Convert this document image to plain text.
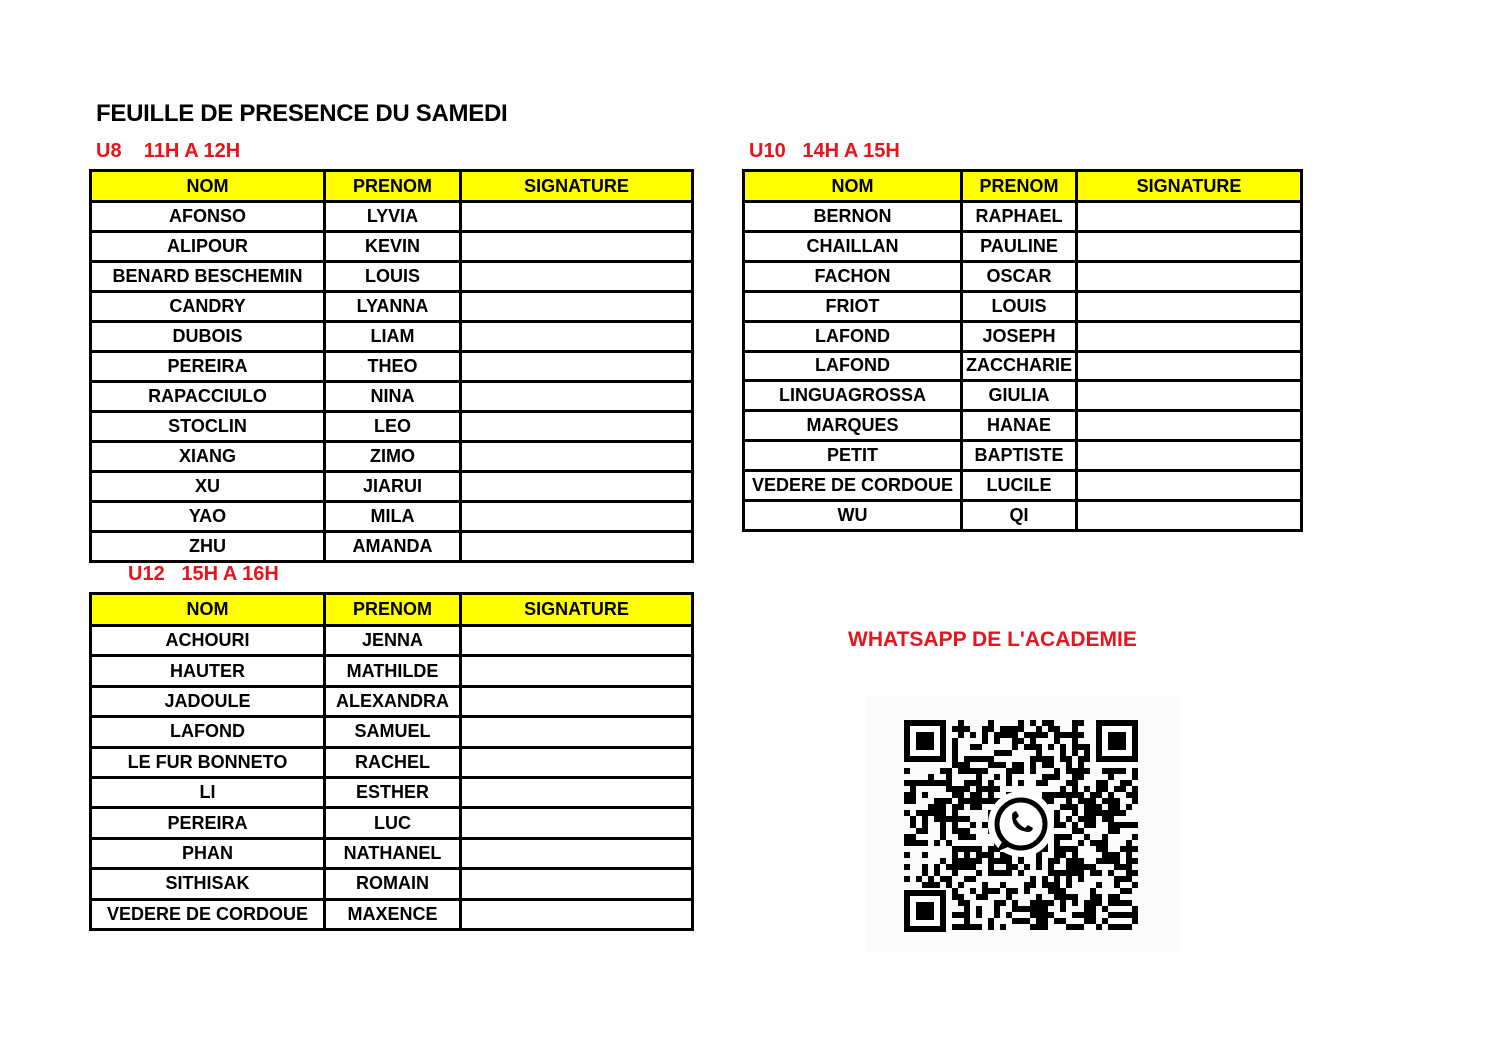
FEUILLE DE PRESENCE DU SAMEDI
U8    11H A 12H
NOM	PRENOM	SIGNATURE
AFONSO	LYVIA	
ALIPOUR	KEVIN	
BENARD BESCHEMIN	LOUIS	
CANDRY	LYANNA	
DUBOIS	LIAM	
PEREIRA	THEO	
RAPACCIULO	NINA	
STOCLIN	LEO	
XIANG	ZIMO	
XU	JIARUI	
YAO	MILA	
ZHU	AMANDA	
U10   14H A 15H
NOM	PRENOM	SIGNATURE
BERNON	RAPHAEL	
CHAILLAN	PAULINE	
FACHON	OSCAR	
FRIOT	LOUIS	
LAFOND	JOSEPH	
LAFOND	ZACCHARIE	
LINGUAGROSSA	GIULIA	
MARQUES	HANAE	
PETIT	BAPTISTE	
VEDERE DE CORDOUE	LUCILE	
WU	QI	
U12   15H A 16H
NOM	PRENOM	SIGNATURE
ACHOURI	JENNA	
HAUTER	MATHILDE	
JADOULE	ALEXANDRA	
LAFOND	SAMUEL	
LE FUR BONNETO	RACHEL	
LI	ESTHER	
PEREIRA	LUC	
PHAN	NATHANEL	
SITHISAK	ROMAIN	
VEDERE DE CORDOUE	MAXENCE	
WHATSAPP DE L'ACADEMIE
